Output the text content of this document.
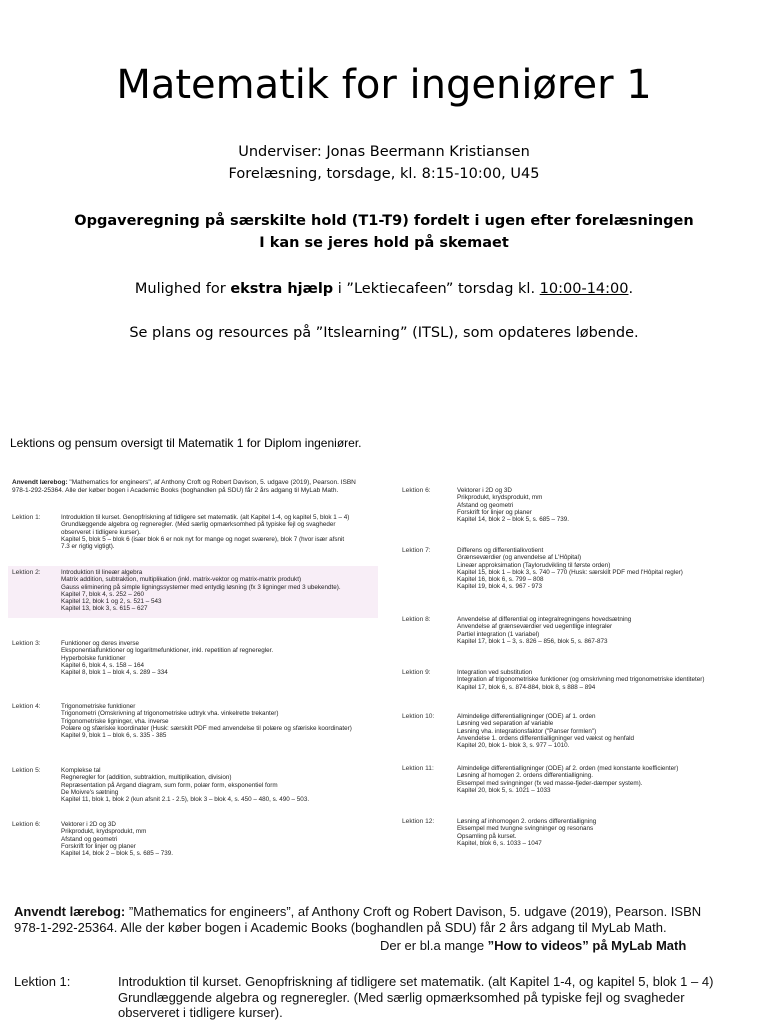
Matematik for ingeniører 1
Underviser: Jonas Beermann Kristiansen
Forelæsning, torsdage, kl. 8:15-10:00, U45
Opgaveregning på særskilte hold (T1-T9) fordelt i ugen efter forelæsningen
I kan se jeres hold på skemaet
Mulighed for ekstra hjælp i ”Lektiecafeen” torsdag kl. 10:00-14:00.
Se plans og resources på ”Itslearning” (ITSL), som opdateres løbende.
Lektions og pensum oversigt til Matematik 1 for Diplom ingeniører.
Anvendt lærebog: "Mathematics for engineers", af Anthony Croft og Robert Davison, 5. udgave (2019), Pearson. ISBN
978-1-292-25364. Alle der køber bogen i Academic Books (boghandlen på SDU) får 2 års adgang til MyLab Math.
Lektion 1:	Introduktion til kurset. Genopfriskning af tidligere set matematik. (alt Kapitel 1-4, og kapitel 5, blok 1 – 4)
Grundlæggende algebra og regneregler. (Med særlig opmærksomhed på typiske fejl og svagheder
observeret i tidligere kurser).
Kapitel 5, blok 5 – blok 6 (især blok 6 er nok nyt for mange og noget sværere), blok 7 (hvor især afsnit
7.3 er rigtig vigtigt).
Lektion 2:	Introduktion til lineær algebra
Matrix addition, subtraktion, multiplikation (inkl. matrix-vektor og matrix-matrix produkt)
Gauss eliminering på simple ligningssystemer med entydig løsning (fx 3 ligninger med 3 ubekendte).
Kapitel 7, blok 4, s. 252 – 260
Kapitel 12, blok 1 og 2, s. 521 – 543
Kapitel 13, blok 3, s. 615 – 627
Lektion 3:	Funktioner og deres inverse
Eksponentialfunktioner og logaritmefunktioner, inkl. repetition af regneregler.
Hyperbolske funktioner
Kapitel 6, blok 4, s. 158 – 164
Kapitel 8, blok 1 – blok 4, s. 289 – 334
Lektion 4:	Trigonometriske funktioner
Trigonometri (Omskrivning af trigonometriske udtryk vha. vinkelrette trekanter)
Trigonometriske ligninger, vha. inverse
Polære og sfæriske koordinater (Husk: særskilt PDF med anvendelse til polære og sfæriske koordinater)
Kapitel 9, blok 1 – blok 6, s. 335 - 385
Lektion 5:	Komplekse tal
Regneregler for (addition, subtraktion, multiplikation, division)
Repræsentation på Argand diagram, sum form, polær form, eksponentiel form
De Moivre's sætning
Kapitel 11, blok 1, blok 2 (kun afsnit 2.1 - 2.5), blok 3 – blok 4, s. 450 – 480, s. 490 – 503.
Lektion 6:	Vektorer i 2D og 3D
Prikprodukt, krydsprodukt, mm
Afstand og geometri
Forskrift for linjer og planer
Kapitel 14, blok 2 – blok 5, s. 685 – 739.
Lektion 6:	Vektorer i 2D og 3D
Prikprodukt, krydsprodukt, mm
Afstand og geometri
Forskrift for linjer og planer
Kapitel 14, blok 2 – blok 5, s. 685 – 739.
Lektion 7:	Differens og differentialkvotient
Grænseværdier (og anvendelse af L'Hôpital)
Lineær approksimation (Taylorudvikling til første orden)
Kapitel 15, blok 1 – blok 3, s. 740 – 770 (Husk: særskilt PDF med l'Hôpital regler)
Kapitel 16, blok 6, s. 799 – 808
Kapitel 19, blok 4, s. 967 - 973
Lektion 8:	Anvendelse af differential og integralregningens hovedsætning
Anvendelse af grænseværdier ved uegentlige integraler
Partiel integration (1 variabel)
Kapitel 17, blok 1 – 3, s. 826 – 856, blok 5, s. 867-873
Lektion 9:	Integration ved substitution
Integration af trigonometriske funktioner (og omskrivning med trigonometriske identiteter)
Kapitel 17, blok 6, s. 874-884, blok 8, s 888 – 894
Lektion 10:	Almindelige differentialligninger (ODE) af 1. orden
Løsning ved separation af variable
Løsning vha. integrationsfaktor ("Panser formlen")
Anvendelse 1. ordens differentialligninger ved vækst og henfald
Kapitel 20, blok 1- blok 3, s. 977 – 1010.
Lektion 11:	Almindelige differentialligninger (ODE) af 2. orden (med konstante koefficienter)
Løsning af homogen 2. ordens differentialligning.
Eksempel med svingninger (fx ved masse-fjeder-dæmper system).
Kapitel 20, blok 5, s. 1021 – 1033
Lektion 12:	Løsning af inhomogen 2. ordens differentialligning
Eksempel med tvungne svingninger og resonans
Opsamling på kurset.
Kapitel, blok 6, s. 1033 – 1047
Anvendt lærebog: ”Mathematics for engineers”, af Anthony Croft og Robert Davison, 5. udgave (2019), Pearson. ISBN
978-1-292-25364. Alle der køber bogen i Academic Books (boghandlen på SDU) får 2 års adgang til MyLab Math.
Der er bl.a mange ”How to videos” på MyLab Math
Lektion 1:	Introduktion til kurset. Genopfriskning af tidligere set matematik. (alt Kapitel 1-4, og kapitel 5, blok 1 – 4)
Grundlæggende algebra og regneregler. (Med særlig opmærksomhed på typiske fejl og svagheder
observeret i tidligere kurser).
